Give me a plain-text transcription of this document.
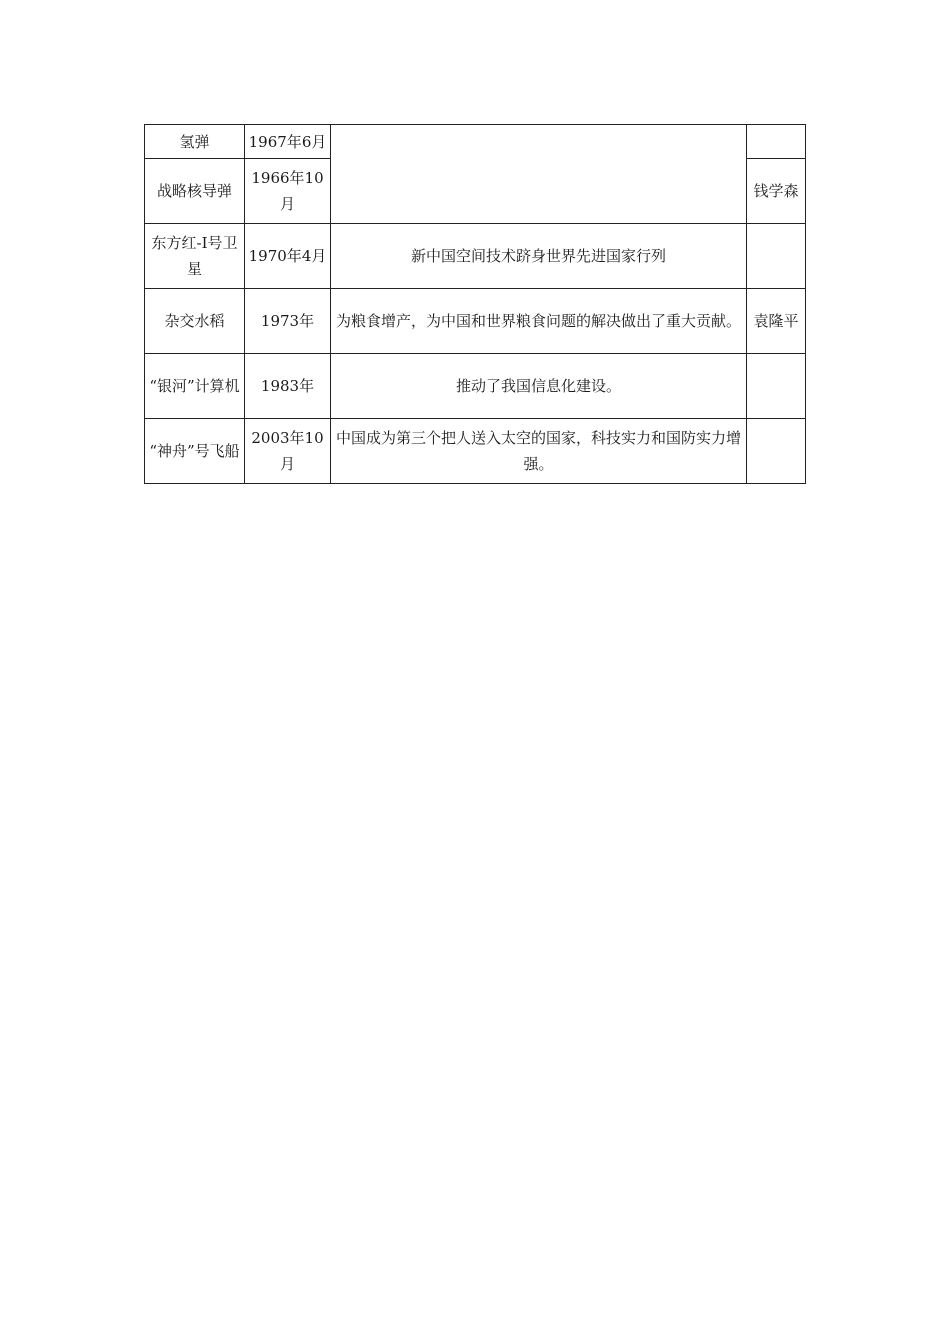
氢弹	1967年6月		
战略核导弹	1966年10月		钱学森
东方红-Ⅰ号卫星	1970年4月	新中国空间技术跻身世界先进国家行列	
杂交水稻	1973年	为粮食增产，为中国和世界粮食问题的解决做出了重大贡献。	袁隆平
“银河”计算机	1983年	推动了我国信息化建设。	
“神舟”号飞船	2003年10月	中国成为第三个把人送入太空的国家，科技实力和国防实力增强。	
